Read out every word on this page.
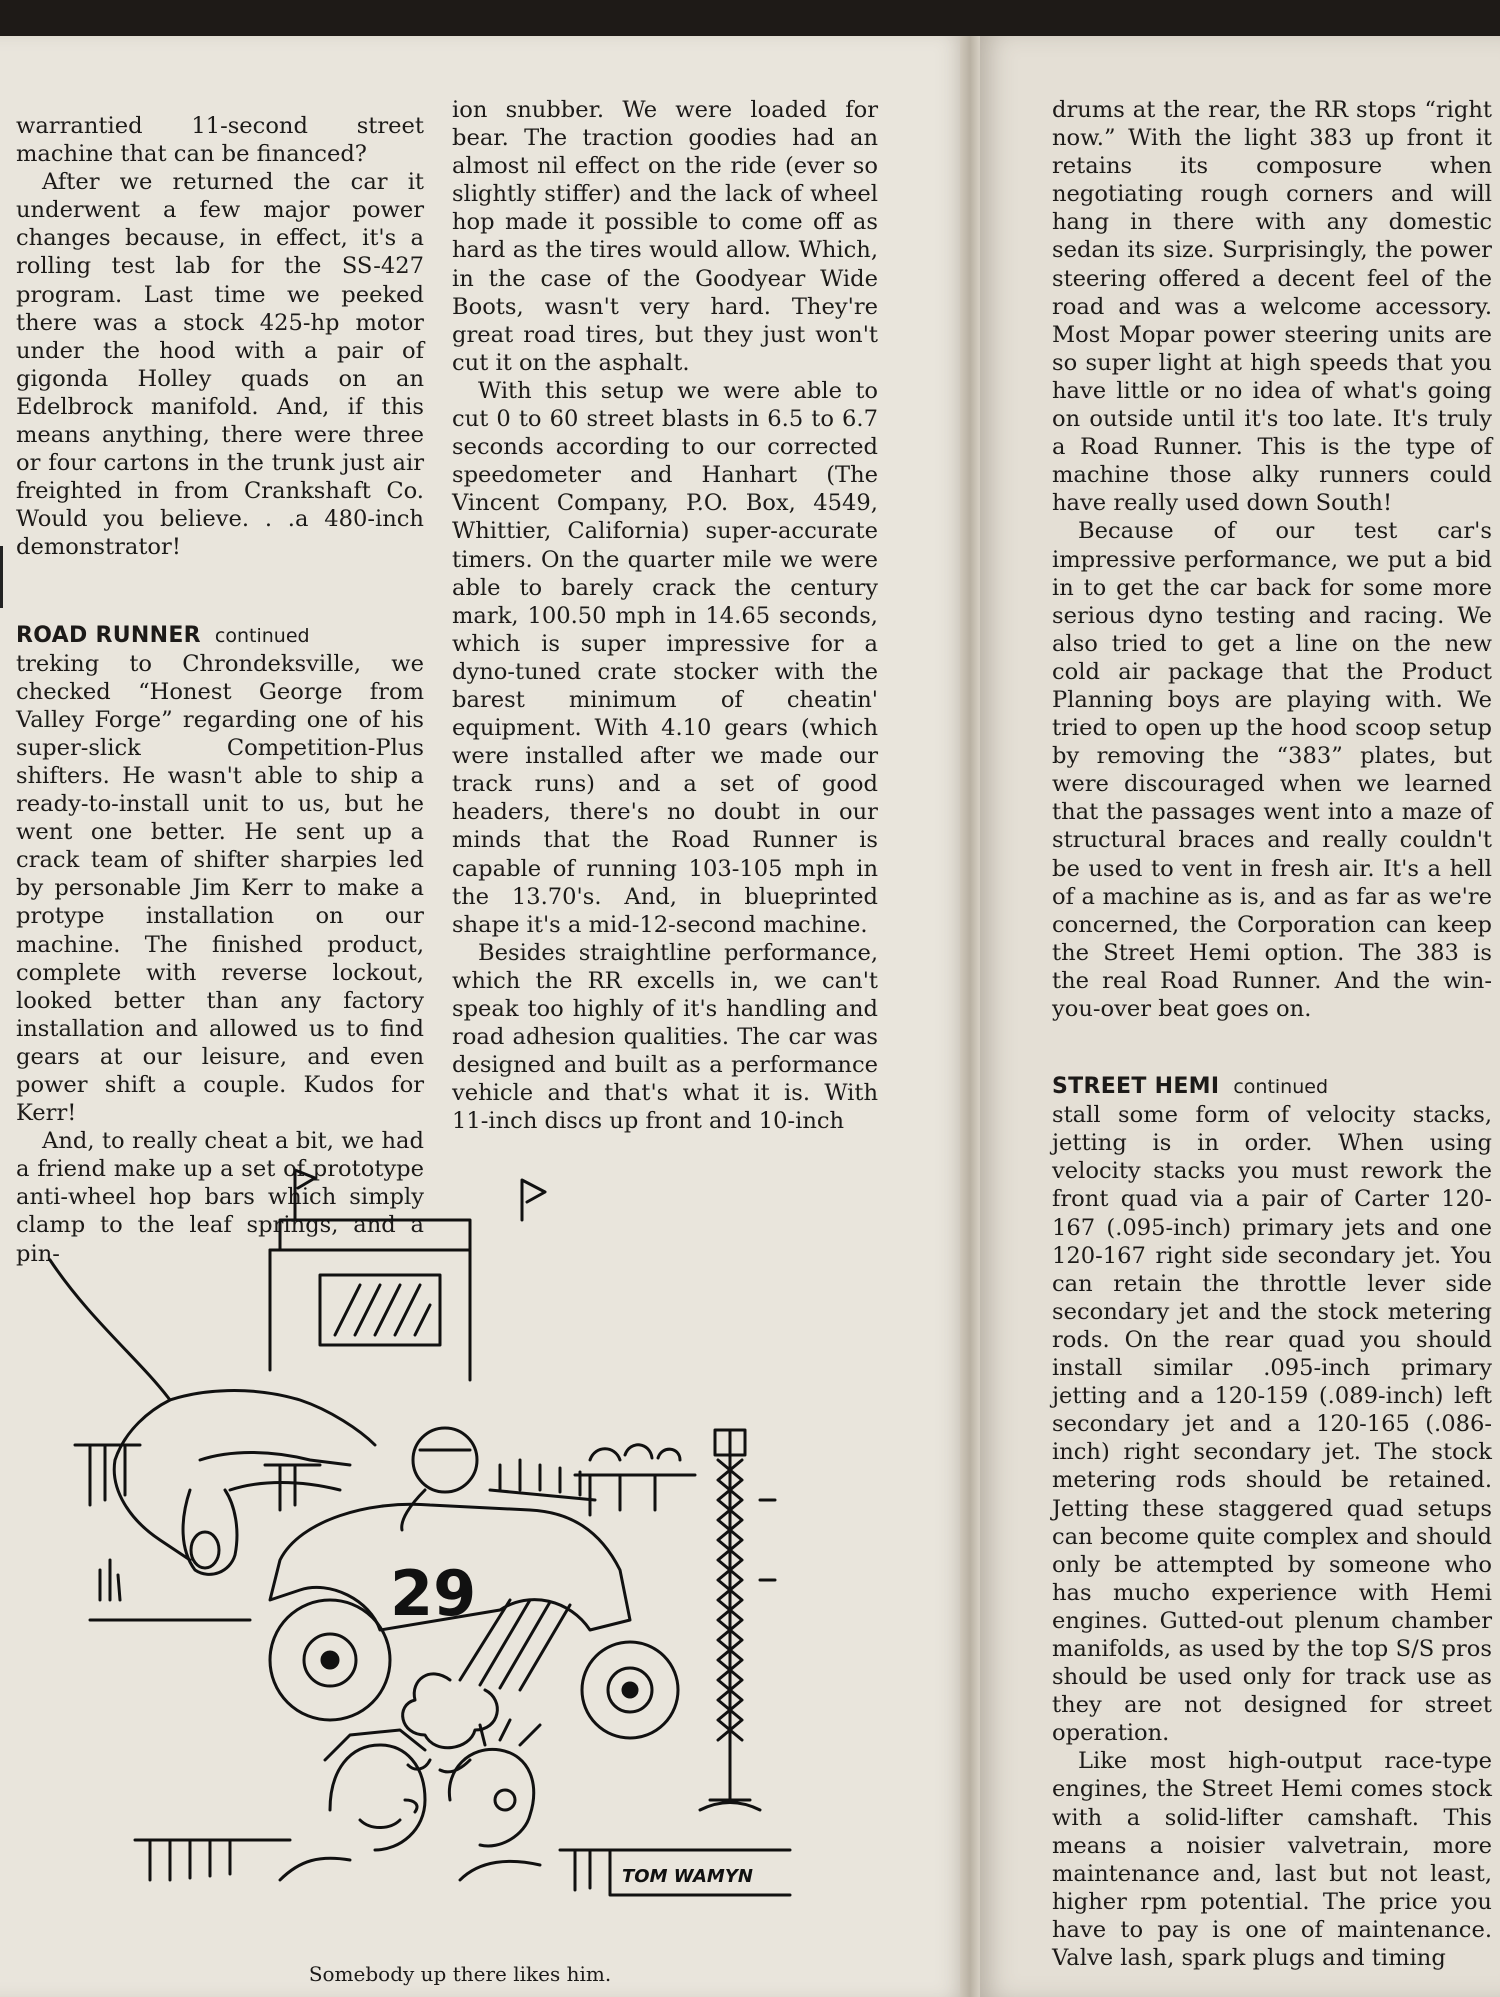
warrantied 11-second street machine that can be financed?

After we returned the car it underwent a few major power changes because, in effect, it's a rolling test lab for the SS-427 program. Last time we peeked there was a stock 425-hp motor under the hood with a pair of gigonda Holley quads on an Edelbrock manifold. And, if this means anything, there were three or four cartons in the trunk just air freighted in from Crankshaft Co. Would you believe. . .a 480-inch demonstrator!

ROAD RUNNER continued

treking to Chrondeksville, we checked “Honest George from Valley Forge” regarding one of his super-slick Competition-Plus shifters. He wasn't able to ship a ready-to-install unit to us, but he went one better. He sent up a crack team of shifter sharpies led by personable Jim Kerr to make a protype installation on our machine. The finished product, complete with reverse lockout, looked better than any factory installation and allowed us to find gears at our leisure, and even power shift a couple. Kudos for Kerr!

And, to really cheat a bit, we had a friend make up a set of prototype anti-wheel hop bars which simply clamp to the leaf springs, and a pin-

ion snubber. We were loaded for bear. The traction goodies had an almost nil effect on the ride (ever so slightly stiffer) and the lack of wheel hop made it possible to come off as hard as the tires would allow. Which, in the case of the Goodyear Wide Boots, wasn't very hard. They're great road tires, but they just won't cut it on the asphalt.

With this setup we were able to cut 0 to 60 street blasts in 6.5 to 6.7 seconds according to our corrected speedometer and Hanhart (The Vincent Company, P.O. Box, 4549, Whittier, California) super-accurate timers. On the quarter mile we were able to barely crack the century mark, 100.50 mph in 14.65 seconds, which is super impressive for a dyno-tuned crate stocker with the barest minimum of cheatin' equipment. With 4.10 gears (which were installed after we made our track runs) and a set of good headers, there's no doubt in our minds that the Road Runner is capable of running 103-105 mph in the 13.70's. And, in blueprinted shape it's a mid-12-second machine.

Besides straightline performance, which the RR excells in, we can't speak too highly of it's handling and road adhesion qualities. The car was designed and built as a performance vehicle and that's what it is. With 11-inch discs up front and 10-inch

drums at the rear, the RR stops “right now.” With the light 383 up front it retains its composure when negotiating rough corners and will hang in there with any domestic sedan its size. Surprisingly, the power steering offered a decent feel of the road and was a welcome accessory. Most Mopar power steering units are so super light at high speeds that you have little or no idea of what's going on outside until it's too late. It's truly a Road Runner. This is the type of machine those alky runners could have really used down South!

Because of our test car's impressive performance, we put a bid in to get the car back for some more serious dyno testing and racing. We also tried to get a line on the new cold air package that the Product Planning boys are playing with. We tried to open up the hood scoop setup by removing the “383” plates, but were discouraged when we learned that the passages went into a maze of structural braces and really couldn't be used to vent in fresh air. It's a hell of a machine as is, and as far as we're concerned, the Corporation can keep the Street Hemi option. The 383 is the real Road Runner. And the win-you-over beat goes on.

STREET HEMI continued

stall some form of velocity stacks, jetting is in order. When using velocity stacks you must rework the front quad via a pair of Carter 120-167 (.095-inch) primary jets and one 120-167 right side secondary jet. You can retain the throttle lever side secondary jet and the stock metering rods. On the rear quad you should install similar .095-inch primary jetting and a 120-159 (.089-inch) left secondary jet and a 120-165 (.086-inch) right secondary jet. The stock metering rods should be retained. Jetting these staggered quad setups can become quite complex and should only be attempted by someone who has mucho experience with Hemi engines. Gutted-out plenum chamber manifolds, as used by the top S/S pros should be used only for track use as they are not designed for street operation.

Like most high-output race-type engines, the Street Hemi comes stock with a solid-lifter camshaft. This means a noisier valvetrain, more maintenance and, last but not least, higher rpm potential. The price you have to pay is one of maintenance. Valve lash, spark plugs and timing

29
TOM WAMYN
Somebody up there likes him.
